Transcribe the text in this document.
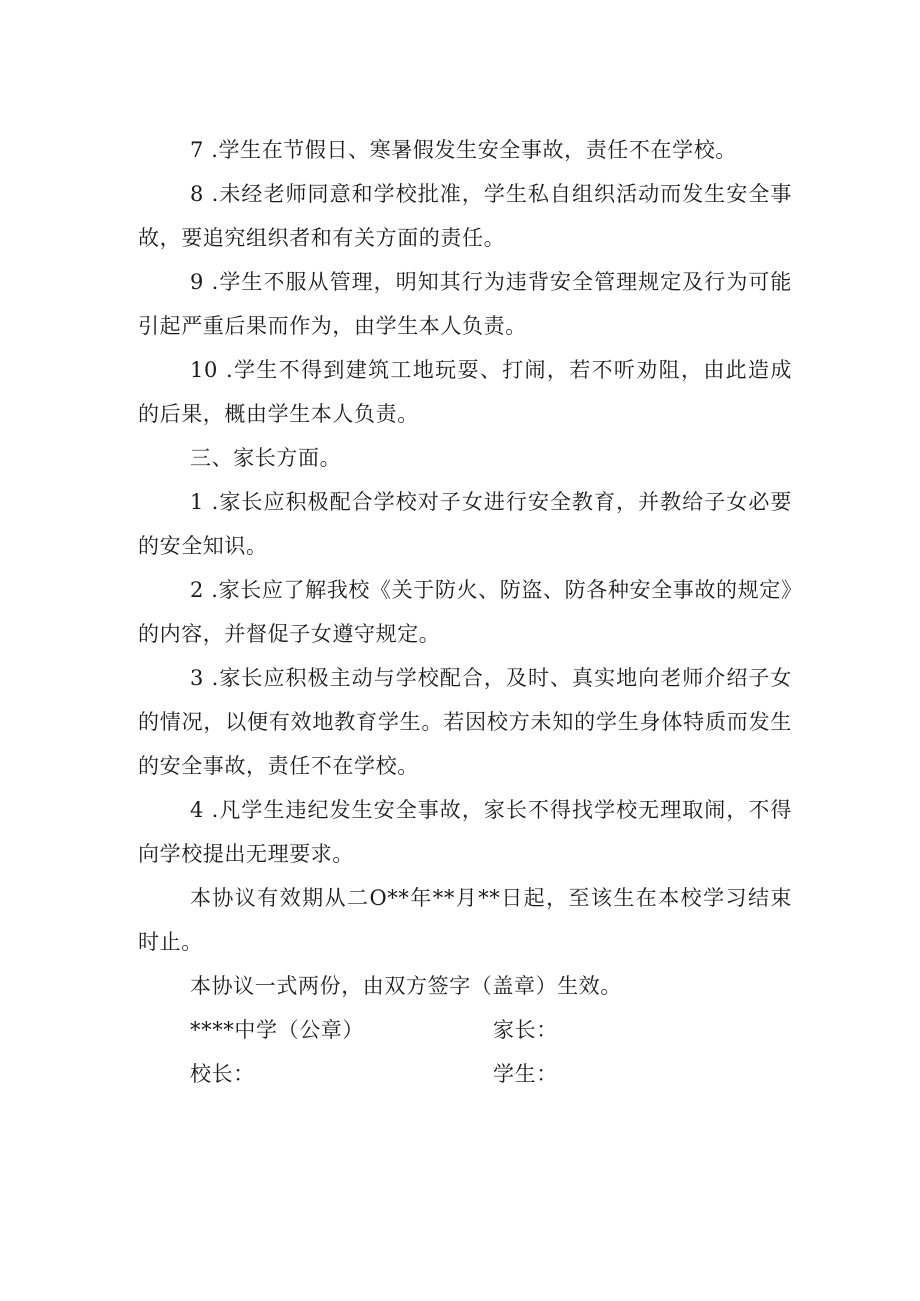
7 .学生在节假日、寒暑假发生安全事故，责任不在学校。

8 .未经老师同意和学校批准，学生私自组织活动而发生安全事故，要追究组织者和有关方面的责任。

9 .学生不服从管理，明知其行为违背安全管理规定及行为可能引起严重后果而作为，由学生本人负责。

10 .学生不得到建筑工地玩耍、打闹，若不听劝阻，由此造成的后果，概由学生本人负责。

三、家长方面。

1 .家长应积极配合学校对子女进行安全教育，并教给子女必要的安全知识。

2 .家长应了解我校《关于防火、防盗、防各种安全事故的规定》的内容，并督促子女遵守规定。

3 .家长应积极主动与学校配合，及时、真实地向老师介绍子女的情况，以便有效地教育学生。若因校方未知的学生身体特质而发生的安全事故，责任不在学校。

4 .凡学生违纪发生安全事故，家长不得找学校无理取闹，不得向学校提出无理要求。

本协议有效期从二O**年**月**日起，至该生在本校学习结束时止。

本协议一式两份，由双方签字（盖章）生效。

****中学（公章）	家长：
校长：	学生：
